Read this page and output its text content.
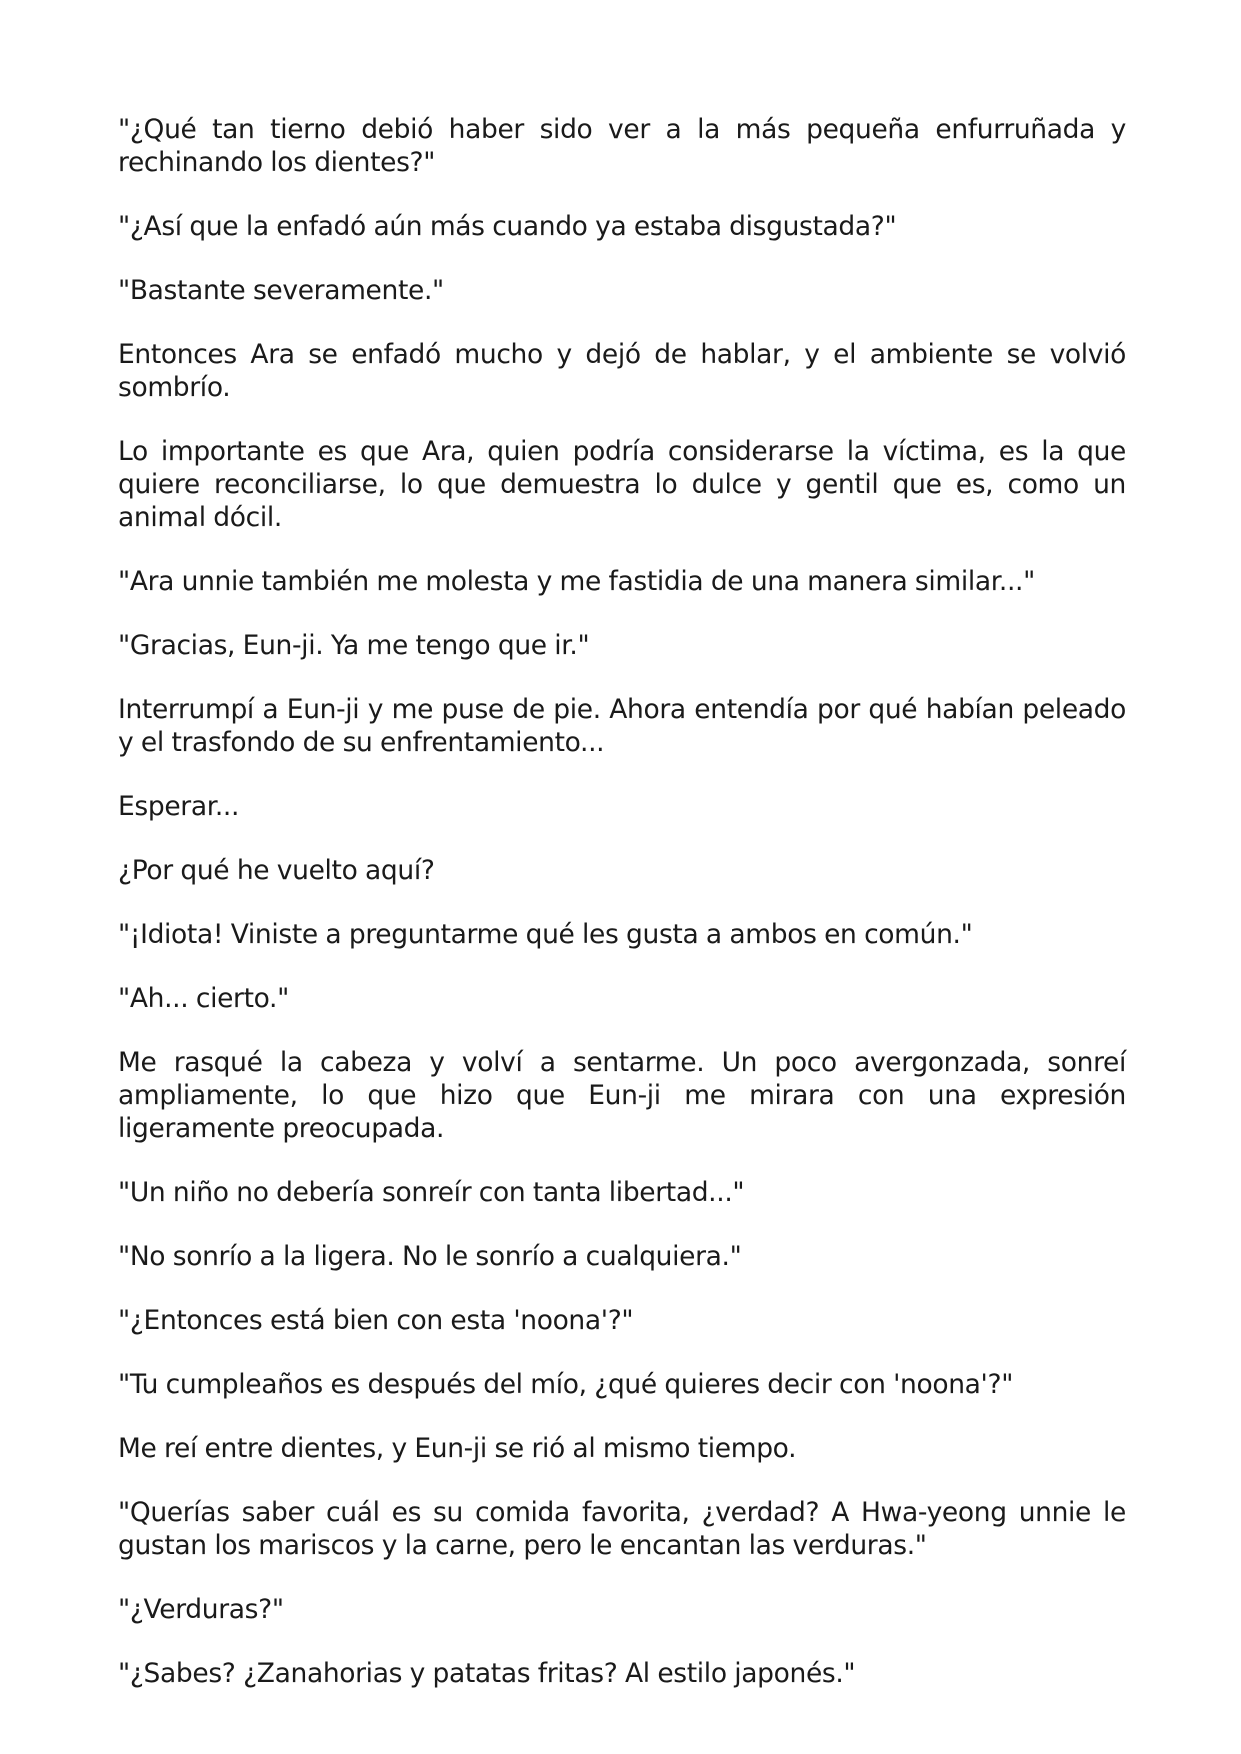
"¿Qué tan tierno debió haber sido ver a la más pequeña enfurruñada y rechinando los dientes?"

"¿Así que la enfadó aún más cuando ya estaba disgustada?"

"Bastante severamente."

Entonces Ara se enfadó mucho y dejó de hablar, y el ambiente se volvió sombrío.

Lo importante es que Ara, quien podría considerarse la víctima, es la que quiere reconciliarse, lo que demuestra lo dulce y gentil que es, como un animal dócil.

"Ara unnie también me molesta y me fastidia de una manera similar..."

"Gracias, Eun-ji. Ya me tengo que ir."

Interrumpí a Eun-ji y me puse de pie. Ahora entendía por qué habían peleado y el trasfondo de su enfrentamiento...

Esperar...

¿Por qué he vuelto aquí?

"¡Idiota! Viniste a preguntarme qué les gusta a ambos en común."

"Ah... cierto."

Me rasqué la cabeza y volví a sentarme. Un poco avergonzada, sonreí ampliamente, lo que hizo que Eun-ji me mirara con una expresión ligeramente preocupada.

"Un niño no debería sonreír con tanta libertad..."

"No sonrío a la ligera. No le sonrío a cualquiera."

"¿Entonces está bien con esta 'noona'?"

"Tu cumpleaños es después del mío, ¿qué quieres decir con 'noona'?"

Me reí entre dientes, y Eun-ji se rió al mismo tiempo.

"Querías saber cuál es su comida favorita, ¿verdad? A Hwa-yeong unnie le gustan los mariscos y la carne, pero le encantan las verduras."

"¿Verduras?"

"¿Sabes? ¿Zanahorias y patatas fritas? Al estilo japonés."
